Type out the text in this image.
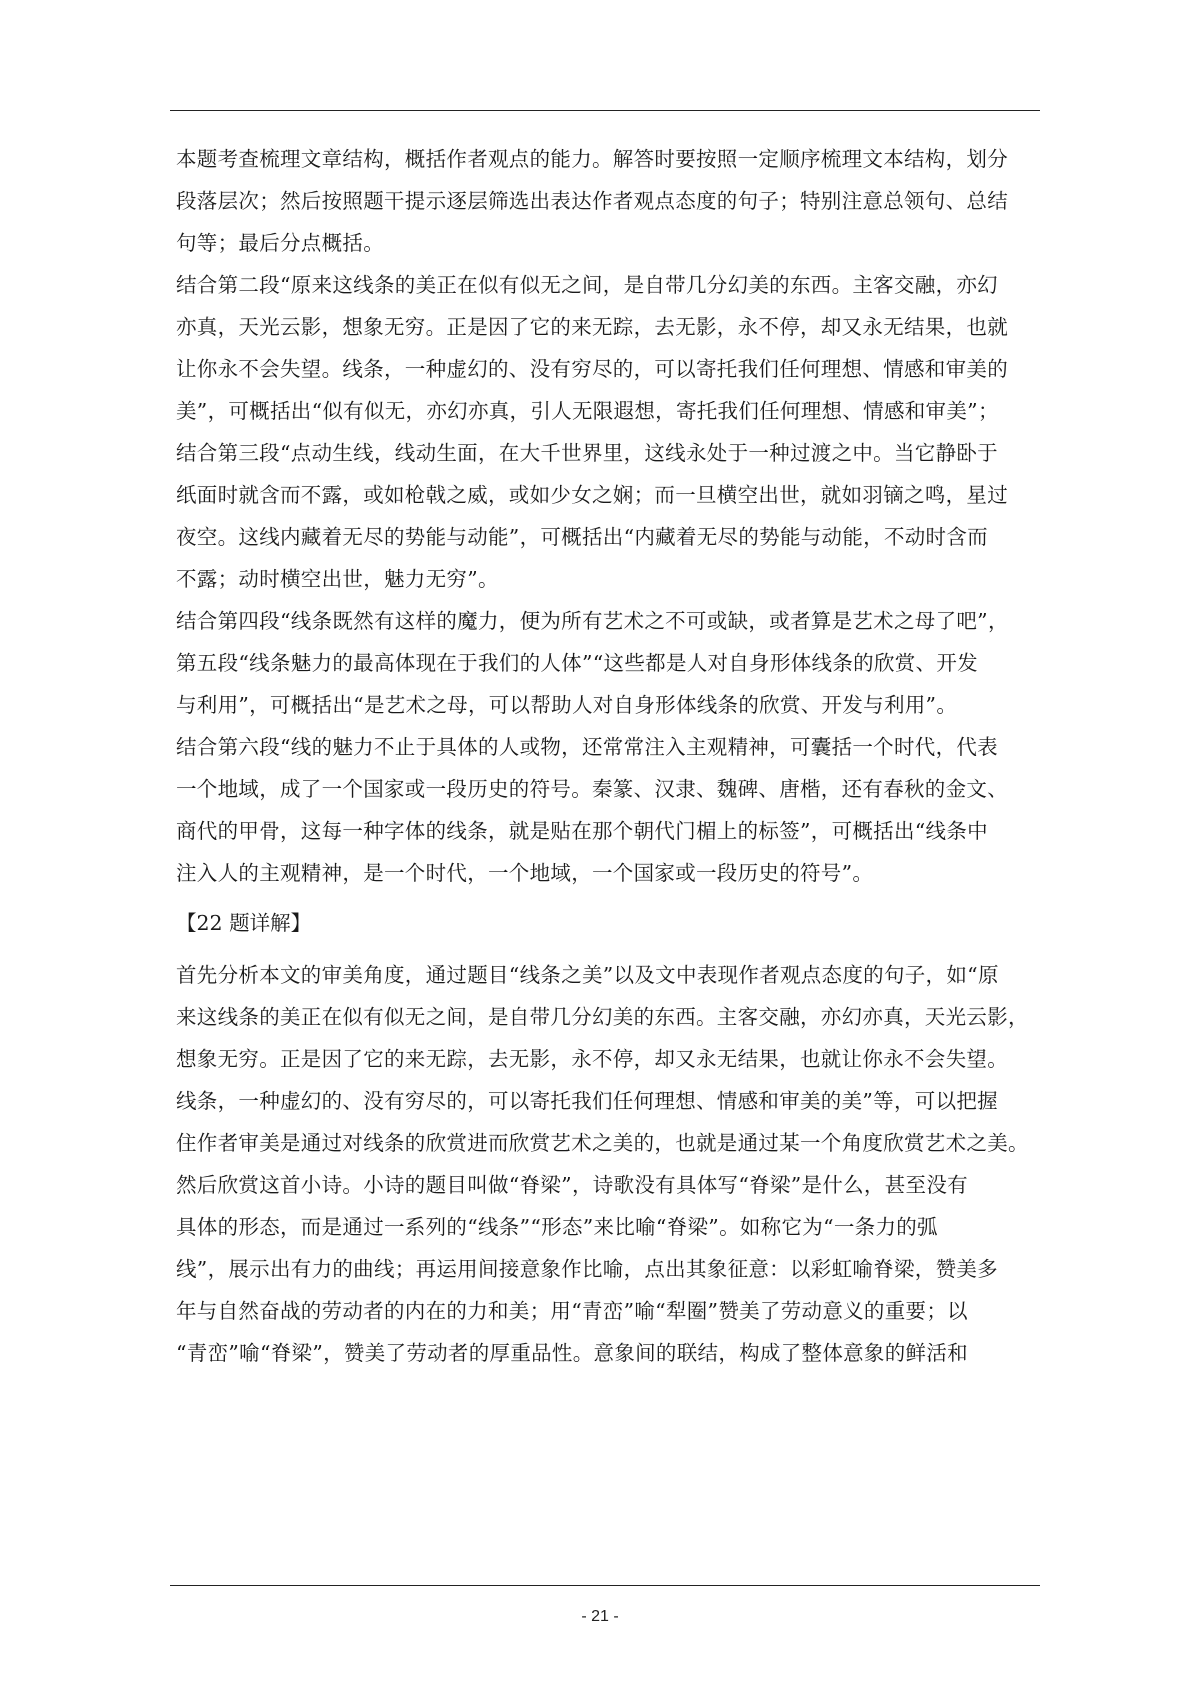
本题考查梳理文章结构，概括作者观点的能力。解答时要按照一定顺序梳理文本结构，划分
段落层次；然后按照题干提示逐层筛选出表达作者观点态度的句子；特别注意总领句、总结
句等；最后分点概括。
结合第二段“原来这线条的美正在似有似无之间，是自带几分幻美的东西。主客交融，亦幻
亦真，天光云影，想象无穷。正是因了它的来无踪，去无影，永不停，却又永无结果，也就
让你永不会失望。线条，一种虚幻的、没有穷尽的，可以寄托我们任何理想、情感和审美的
美”，可概括出“似有似无，亦幻亦真，引人无限遐想，寄托我们任何理想、情感和审美”；
结合第三段“点动生线，线动生面，在大千世界里，这线永处于一种过渡之中。当它静卧于
纸面时就含而不露，或如枪戟之威，或如少女之娴；而一旦横空出世，就如羽镝之鸣，星过
夜空。这线内藏着无尽的势能与动能”，可概括出“内藏着无尽的势能与动能，不动时含而
不露；动时横空出世，魅力无穷”。
结合第四段“线条既然有这样的魔力，便为所有艺术之不可或缺，或者算是艺术之母了吧”，
第五段“线条魅力的最高体现在于我们的人体”“这些都是人对自身形体线条的欣赏、开发
与利用”，可概括出“是艺术之母，可以帮助人对自身形体线条的欣赏、开发与利用”。
结合第六段“线的魅力不止于具体的人或物，还常常注入主观精神，可囊括一个时代，代表
一个地域，成了一个国家或一段历史的符号。秦篆、汉隶、魏碑、唐楷，还有春秋的金文、
商代的甲骨，这每一种字体的线条，就是贴在那个朝代门楣上的标签”，可概括出“线条中
注入人的主观精神，是一个时代，一个地域，一个国家或一段历史的符号”。
【22 题详解】
首先分析本文的审美角度，通过题目“线条之美”以及文中表现作者观点态度的句子，如“原
来这线条的美正在似有似无之间，是自带几分幻美的东西。主客交融，亦幻亦真，天光云影，
想象无穷。正是因了它的来无踪，去无影，永不停，却又永无结果，也就让你永不会失望。
线条，一种虚幻的、没有穷尽的，可以寄托我们任何理想、情感和审美的美”等，可以把握
住作者审美是通过对线条的欣赏进而欣赏艺术之美的，也就是通过某一个角度欣赏艺术之美。
然后欣赏这首小诗。小诗的题目叫做“脊梁”，诗歌没有具体写“脊梁”是什么，甚至没有
具体的形态，而是通过一系列的“线条”“形态”来比喻“脊梁”。如称它为“一条力的弧
线”，展示出有力的曲线；再运用间接意象作比喻，点出其象征意：以彩虹喻脊梁，赞美多
年与自然奋战的劳动者的内在的力和美；用“青峦”喻“犁圈”赞美了劳动意义的重要；以
“青峦”喻“脊梁”，赞美了劳动者的厚重品性。意象间的联结，构成了整体意象的鲜活和
- 21 -
